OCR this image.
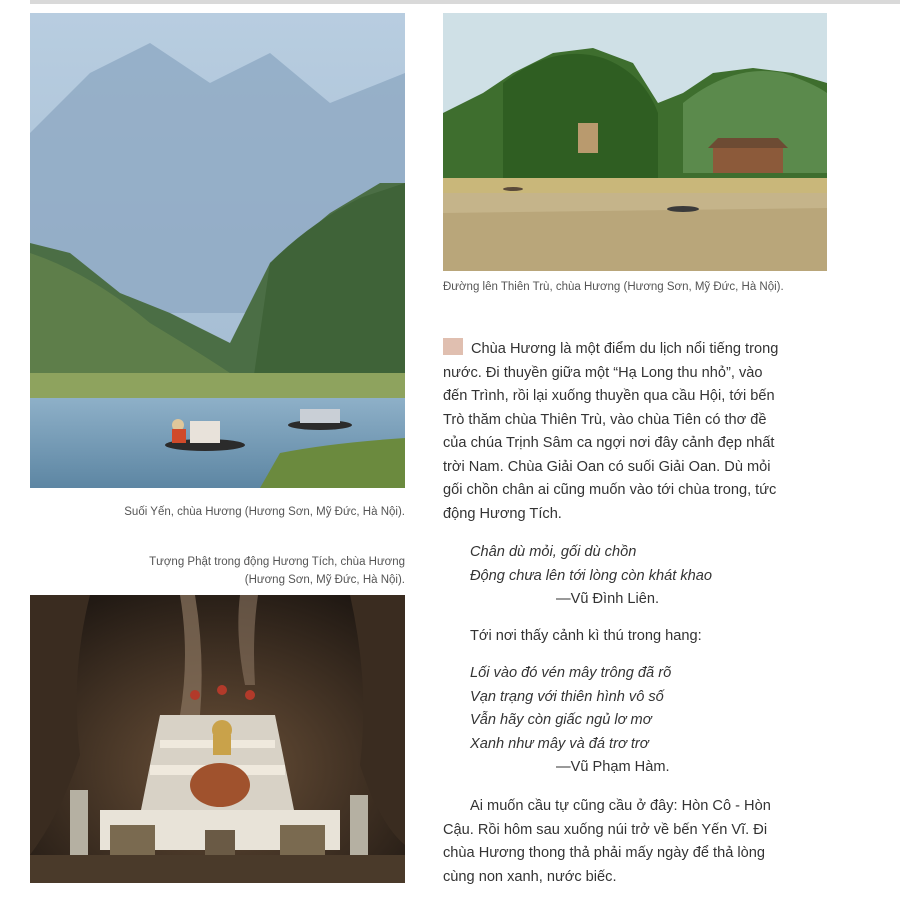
Đường lên Thiên Trù, chùa Hương (Hương Sơn, Mỹ Đức, Hà Nội).
Suối Yến, chùa Hương (Hương Sơn, Mỹ Đức, Hà Nội).
Tượng Phật trong động Hương Tích, chùa Hương
(Hương Sơn, Mỹ Đức, Hà Nội).
Chùa Hương là một điểm du lịch nổi tiếng trong
nước. Đi thuyền giữa một “Hạ Long thu nhỏ”, vào
đến Trình, rồi lại xuống thuyền qua cầu Hội, tới bến
Trò thăm chùa Thiên Trù, vào chùa Tiên có thơ đề
của chúa Trịnh Sâm ca ngợi nơi đây cảnh đẹp nhất
trời Nam. Chùa Giải Oan có suối Giải Oan. Dù mỏi
gối chồn chân ai cũng muốn vào tới chùa trong, tức
động Hương Tích.
Chân dù mỏi, gối dù chồn
Động chưa lên tới lòng còn khát khao
—Vũ Đình Liên.
Tới nơi thấy cảnh kì thú trong hang:
Lối vào đó vén mây trông đã rõ
Vạn trạng với thiên hình vô số
Vẫn hãy còn giấc ngủ lơ mơ
Xanh như mây và đá trơ trơ
—Vũ Phạm Hàm.
Ai muốn cầu tự cũng cầu ở đây: Hòn Cô - Hòn
Cậu. Rồi hôm sau xuống núi trở về bến Yến Vĩ. Đi
chùa Hương thong thả phải mấy ngày để thả lòng
cùng non xanh, nước biếc.
